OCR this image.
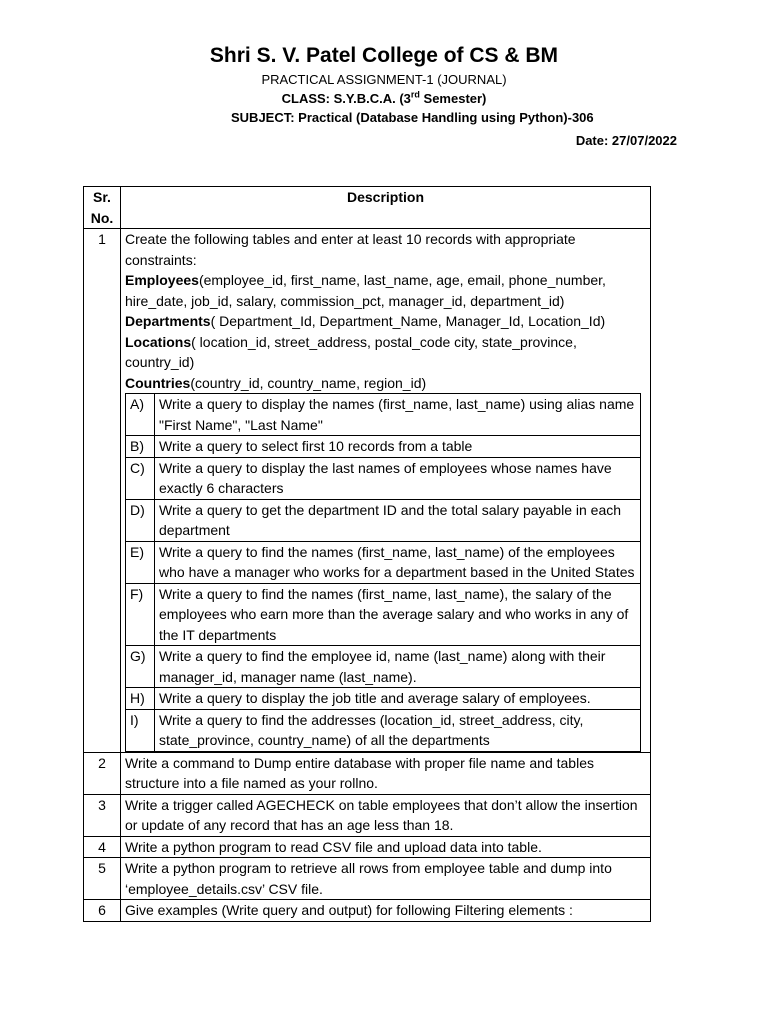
Shri S. V. Patel College of CS & BM
PRACTICAL ASSIGNMENT-1 (JOURNAL)
CLASS: S.Y.B.C.A. (3rd Semester)
SUBJECT: Practical (Database Handling using Python)-306
Date: 27/07/2022
Sr. No.	Description
1	Create the following tables and enter at least 10 records with appropriate constraints:
Employees(employee_id, first_name, last_name, age, email, phone_number, hire_date, job_id, salary, commission_pct, manager_id, department_id)
Departments( Department_Id, Department_Name, Manager_Id, Location_Id)
Locations( location_id, street_address, postal_code city, state_province, country_id)
Countries(country_id, country_name, region_id)
A)	Write a query to display the names (first_name, last_name) using alias name "First Name", "Last Name"
B)	Write a query to select first 10 records from a table
C)	Write a query to display the last names of employees whose names have exactly 6 characters
D)	Write a query to get the department ID and the total salary payable in each department
E)	Write a query to find the names (first_name, last_name) of the employees who have a manager who works for a department based in the United States
F)	Write a query to find the names (first_name, last_name), the salary of the employees who earn more than the average salary and who works in any of the IT departments
G)	Write a query to find the employee id, name (last_name) along with their manager_id, manager name (last_name).
H)	Write a query to display the job title and average salary of employees.
I)	Write a query to find the addresses (location_id, street_address, city, state_province, country_name) of all the departments

2	Write a command to Dump entire database with proper file name and tables structure into a file named as your rollno.
3	Write a trigger called AGECHECK on table employees that don’t allow the insertion or update of any record that has an age less than 18.
4	Write a python program to read CSV file and upload data into table.
5	Write a python program to retrieve all rows from employee table and dump into ‘employee_details.csv’ CSV file.
6	Give examples (Write query and output) for following Filtering elements :
